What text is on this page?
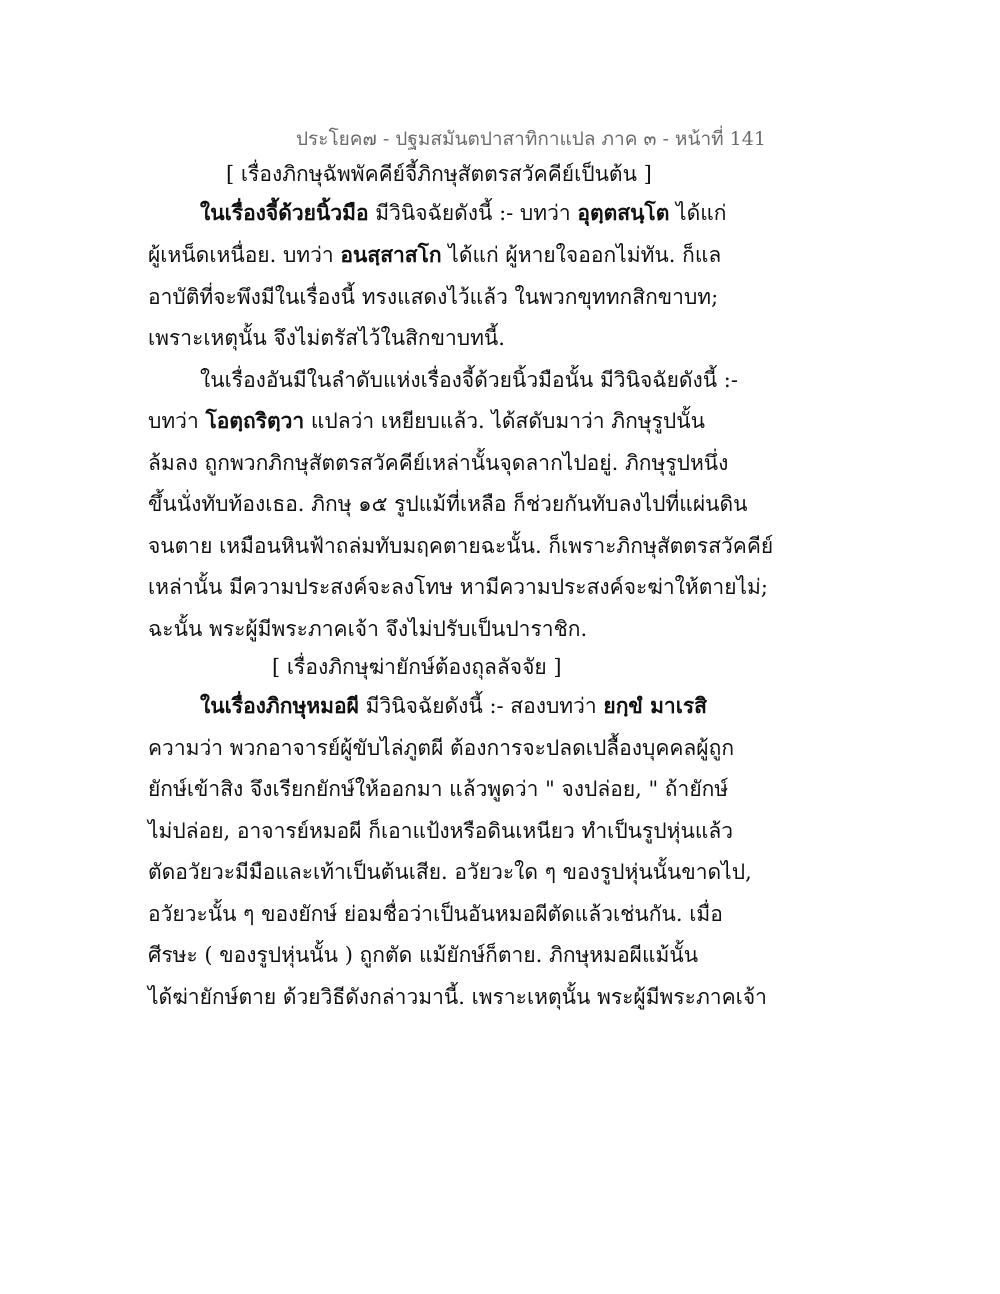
ประโยค๗ - ปฐมสมันตปาสาทิกาแปล ภาค ๓ - หน้าที่ 141
[ เรื่องภิกษุฉัพพัคคีย์จี้ภิกษุสัตตรสวัคคีย์เป็นต้น ]
ในเรื่องจี้ด้วยนิ้วมือ มีวินิจฉัยดังนี้ :- บทว่า อุตฺตสนฺโต ได้แก่
ผู้เหน็ดเหนื่อย. บทว่า อนสฺสาสโก ได้แก่ ผู้หายใจออกไม่ทัน. ก็แล
อาบัติที่จะพึงมีในเรื่องนี้ ทรงแสดงไว้แล้ว ในพวกขุททกสิกขาบท;
เพราะเหตุนั้น จึงไม่ตรัสไว้ในสิกขาบทนี้.
ในเรื่องอันมีในลำดับแห่งเรื่องจี้ด้วยนิ้วมือนั้น มีวินิจฉัยดังนี้ :-
บทว่า โอตฺถริตฺวา แปลว่า เหยียบแล้ว. ได้สดับมาว่า ภิกษุรูปนั้น
ล้มลง ถูกพวกภิกษุสัตตรสวัคคีย์เหล่านั้นจุดลากไปอยู่. ภิกษุรูปหนึ่ง
ขึ้นนั่งทับท้องเธอ. ภิกษุ ๑๕ รูปแม้ที่เหลือ ก็ช่วยกันทับลงไปที่แผ่นดิน
จนตาย เหมือนหินฟ้าถล่มทับมฤคตายฉะนั้น. ก็เพราะภิกษุสัตตรสวัคคีย์
เหล่านั้น มีความประสงค์จะลงโทษ หามีความประสงค์จะฆ่าให้ตายไม่;
ฉะนั้น พระผู้มีพระภาคเจ้า จึงไม่ปรับเป็นปาราชิก.
[ เรื่องภิกษุฆ่ายักษ์ต้องถุลลัจจัย ]
ในเรื่องภิกษุหมอผี มีวินิจฉัยดังนี้ :- สองบทว่า ยกฺขํ มาเรสิ
ความว่า พวกอาจารย์ผู้ขับไล่ภูตผี ต้องการจะปลดเปลื้องบุคคลผู้ถูก
ยักษ์เข้าสิง จึงเรียกยักษ์ให้ออกมา แล้วพูดว่า " จงปล่อย, " ถ้ายักษ์
ไม่ปล่อย, อาจารย์หมอผี ก็เอาแป้งหรือดินเหนียว ทำเป็นรูปหุ่นแล้ว
ตัดอวัยวะมีมือและเท้าเป็นต้นเสีย. อวัยวะใด ๆ ของรูปหุ่นนั้นขาดไป,
อวัยวะนั้น ๆ ของยักษ์ ย่อมชื่อว่าเป็นอันหมอผีตัดแล้วเช่นกัน. เมื่อ
ศีรษะ ( ของรูปหุ่นนั้น ) ถูกตัด แม้ยักษ์ก็ตาย. ภิกษุหมอผีแม้นั้น
ได้ฆ่ายักษ์ตาย ด้วยวิธีดังกล่าวมานี้. เพราะเหตุนั้น พระผู้มีพระภาคเจ้า
